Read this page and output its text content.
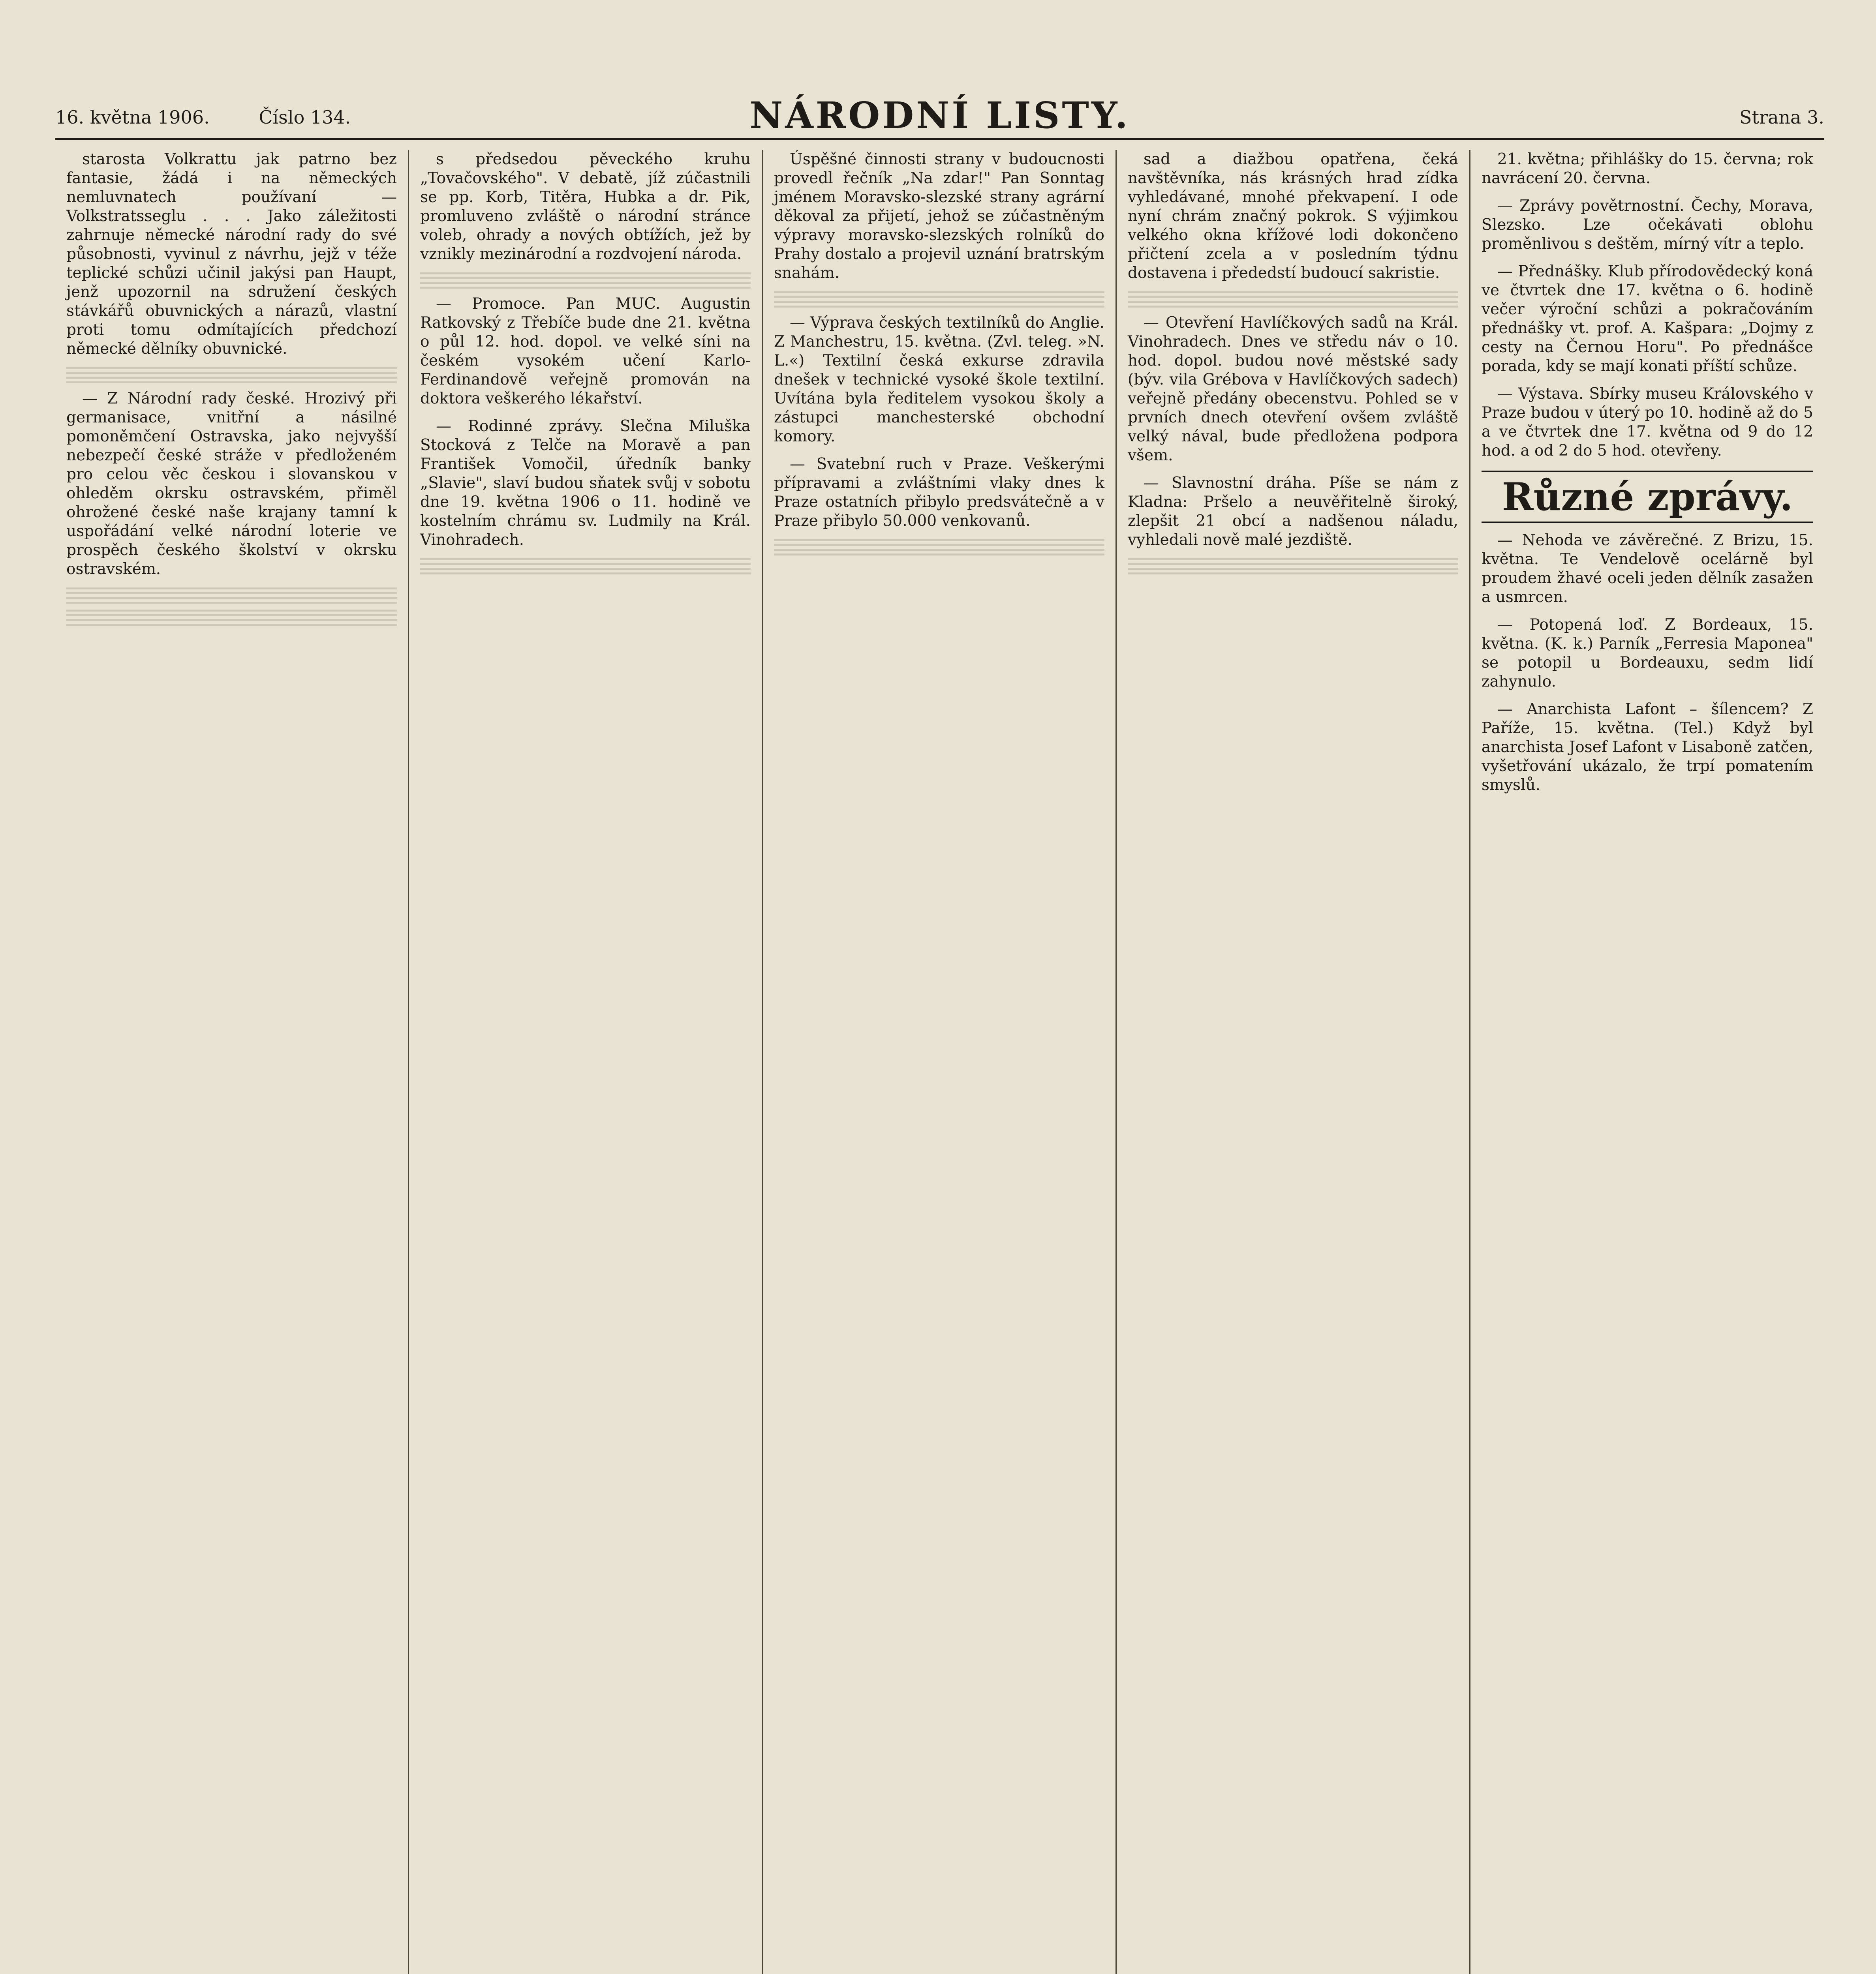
16. května 1906.	Číslo 134.	NÁRODNÍ LISTY.	Strana 3.

starosta Volkrattu jak patrno bez fantasie, žádá i na německých nemluvnatech používaní — Volkstratsseglu . . . Jako záležitosti zahrnuje německé národní rady do své působnosti, vyvinul z návrhu, jejž v téže teplické schůzi učinil jakýsi pan Haupt, jenž upozornil na sdružení českých stávkářů obuvnických a nárazů, vlastní proti tomu odmítajících předchozí německé dělníky obuvnické.

— Z Národní rady české. Hrozivý při germanisace, vnitřní a násilné pomoněmčení Ostravska, jako nejvyšší nebezpečí české stráže v předloženém pro celou věc českou i slovanskou v ohleděm okrsku ostravském, přiměl ohrožené české naše krajany tamní k uspořádání velké národní loterie ve prospěch českého školství v okrsku ostravském.

s předsedou pěveckého kruhu „Tovačovského". V debatě, jíž zúčastnili se pp. Korb, Titěra, Hubka a dr. Pik, promluveno zvláště o národní stránce voleb, ohrady a nových obtížích, jež by vznikly mezinárodní a rozdvojení národa.

— Promoce. Pan MUC. Augustin Ratkovský z Třebíče bude dne 21. května o půl 12. hod. dopol. ve velké síni na českém vysokém učení Karlo-Ferdinandově veřejně promován na doktora veškerého lékařství.

— Rodinné zprávy. Slečna Miluška Stocková z Telče na Moravě a pan František Vomočil, úředník banky „Slavie", slaví budou sňatek svůj v sobotu dne 19. května 1906 o 11. hodině ve kostelním chrámu sv. Ludmily na Král. Vinohradech.

Úspěšné činnosti strany v budoucnosti provedl řečník „Na zdar!" Pan Sonntag jménem Moravsko-slezské strany agrární děkoval za přijetí, jehož se zúčastněným výpravy moravsko-slezských rolníků do Prahy dostalo a projevil uznání bratrským snahám.

— Výprava českých textilníků do Anglie. Z Manchestru, 15. května. (Zvl. teleg. »N. L.«) Textilní česká exkurse zdravila dnešek v technické vysoké škole textilní. Uvítána byla ředitelem vysokou školy a zástupci manchesterské obchodní komory.

— Svatební ruch v Praze. Veškerými přípravami a zvláštními vlaky dnes k Praze ostatních přibylo predsvátečně a v Praze přibylo 50.000 venkovanů.

sad a diažbou opatřena, čeká navštěvníka, nás krásných hrad zídka vyhledávané, mnohé překvapení. I ode nyní chrám značný pokrok. S výjimkou velkého okna křížové lodi dokončeno přičtení zcela a v posledním týdnu dostavena i přededstí budoucí sakristie.

— Otevření Havlíčkových sadů na Král. Vinohradech. Dnes ve středu náv o 10. hod. dopol. budou nové městské sady (býv. vila Grébova v Havlíčkových sadech) veřejně předány obecenstvu. Pohled se v prvních dnech otevření ovšem zvláště velký nával, bude předložena podpora všem.

— Slavnostní dráha. Píše se nám z Kladna: Pršelo a neuvěřitelně široký, zlepšit 21 obcí a nadšenou náladu, vyhledali nově malé jezdiště.

21. května; přihlášky do 15. června; rok navrácení 20. června.

— Zprávy povětrnostní. Čechy, Morava, Slezsko. Lze očekávati oblohu proměnlivou s deštěm, mírný vítr a teplo.

— Přednášky. Klub přírodovědecký koná ve čtvrtek dne 17. května o 6. hodině večer výroční schůzi a pokračováním přednášky vt. prof. A. Kašpara: „Dojmy z cesty na Černou Horu". Po přednášce porada, kdy se mají konati příští schůze.

— Výstava. Sbírky museu Královského v Praze budou v úterý po 10. hodině až do 5 a ve čtvrtek dne 17. května od 9 do 12 hod. a od 2 do 5 hod. otevřeny.

Různé zprávy.

— Nehoda ve závěrečné. Z Brizu, 15. května. Te Vendelově ocelárně byl proudem žhavé oceli jeden dělník zasažen a usmrcen.

— Potopená loď. Z Bordeaux, 15. května. (K. k.) Parník „Ferresia Maponea" se potopil u Bordeauxu, sedm lidí zahynulo.

— Anarchista Lafont – šílencem? Z Paříže, 15. května. (Tel.) Když byl anarchista Josef Lafont v Lisaboně zatčen, vyšetřování ukázalo, že trpí pomatením smyslů.
